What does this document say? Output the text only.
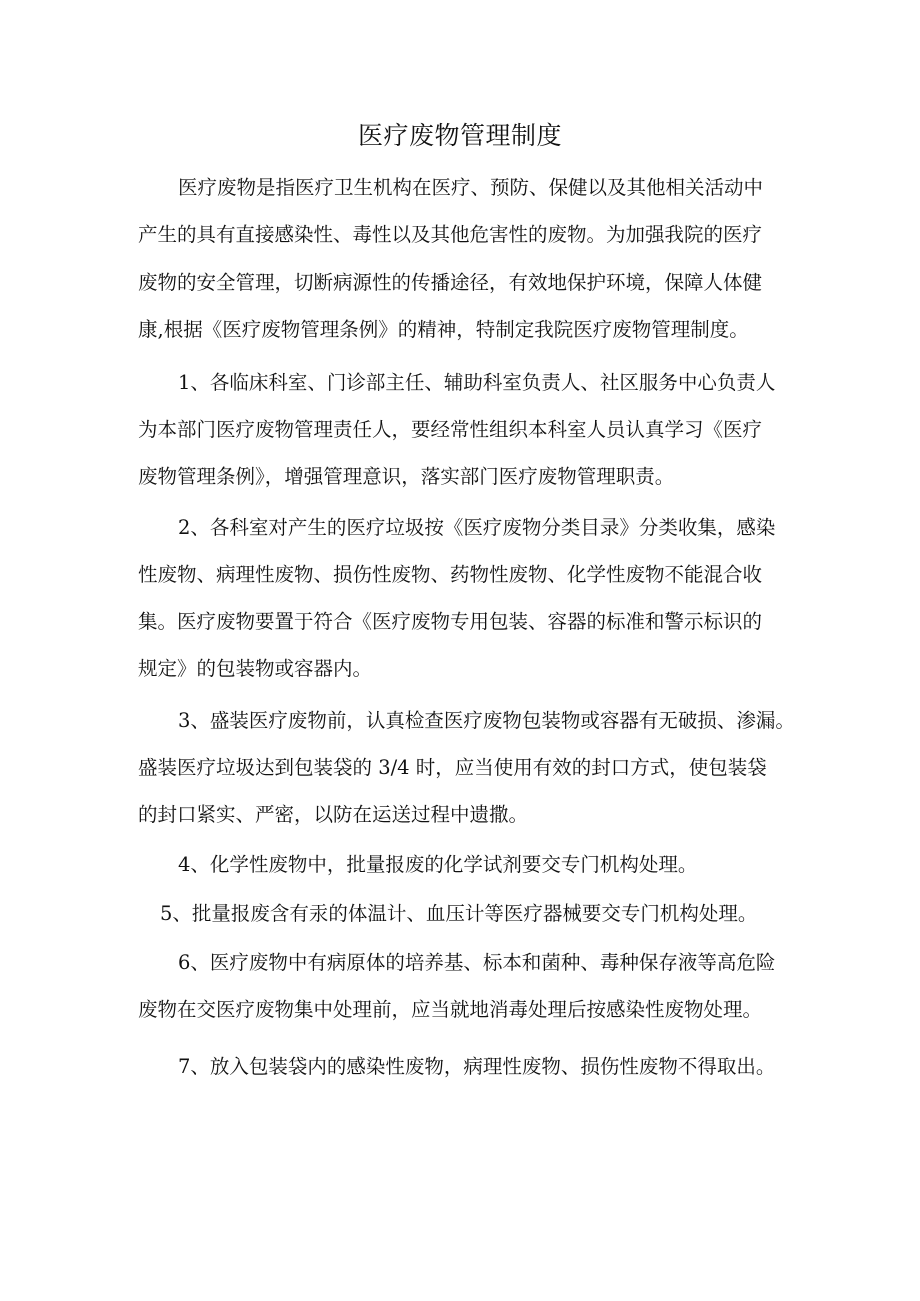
医疗废物管理制度
医疗废物是指医疗卫生机构在医疗、预防、保健以及其他相关活动中
产生的具有直接感染性、毒性以及其他危害性的废物。为加强我院的医疗
废物的安全管理，切断病源性的传播途径，有效地保护环境，保障人体健
康,根据《医疗废物管理条例》的精神，特制定我院医疗废物管理制度。
1、各临床科室、门诊部主任、辅助科室负责人、社区服务中心负责人
为本部门医疗废物管理责任人，要经常性组织本科室人员认真学习《医疗
废物管理条例》，增强管理意识，落实部门医疗废物管理职责。
2、各科室对产生的医疗垃圾按《医疗废物分类目录》分类收集，感染
性废物、病理性废物、损伤性废物、药物性废物、化学性废物不能混合收
集。医疗废物要置于符合《医疗废物专用包装、容器的标准和警示标识的
规定》的包装物或容器内。
3、盛装医疗废物前，认真检查医疗废物包装物或容器有无破损、渗漏。
盛装医疗垃圾达到包装袋的 3/4 时，应当使用有效的封口方式，使包装袋
的封口紧实、严密，以防在运送过程中遗撒。
4、化学性废物中，批量报废的化学试剂要交专门机构处理。
5、批量报废含有汞的体温计、血压计等医疗器械要交专门机构处理。
6、医疗废物中有病原体的培养基、标本和菌种、毒种保存液等高危险
废物在交医疗废物集中处理前，应当就地消毒处理后按感染性废物处理。
7、放入包装袋内的感染性废物，病理性废物、损伤性废物不得取出。
